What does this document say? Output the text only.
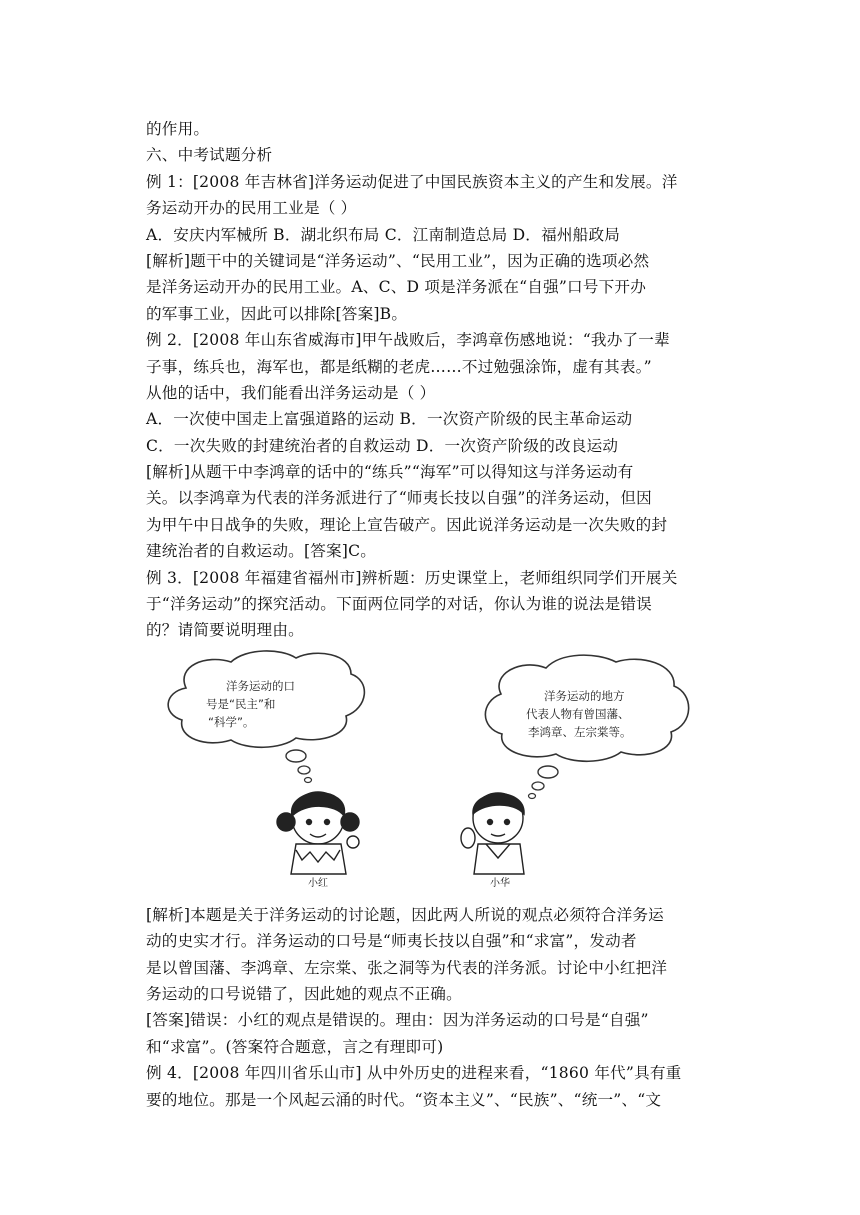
的作用。
六、中考试题分析
例 1：[2008 年吉林省]洋务运动促进了中国民族资本主义的产生和发展。洋
务运动开办的民用工业是（ ）
A．安庆内军械所 B．湖北织布局 C．江南制造总局 D．福州船政局
[解析]题干中的关键词是“洋务运动”、“民用工业”，因为正确的选项必然
是洋务运动开办的民用工业。A、C、D 项是洋务派在“自强”口号下开办
的军事工业，因此可以排除[答案]B。
例 2．[2008 年山东省威海市]甲午战败后，李鸿章伤感地说：“我办了一辈
子事，练兵也，海军也，都是纸糊的老虎……不过勉强涂饰，虚有其表。”
从他的话中，我们能看出洋务运动是（ ）
A．一次使中国走上富强道路的运动 B．一次资产阶级的民主革命运动
C．一次失败的封建统治者的自救运动 D．一次资产阶级的改良运动
[解析]从题干中李鸿章的话中的“练兵”“海军”可以得知这与洋务运动有
关。以李鸿章为代表的洋务派进行了“师夷长技以自强”的洋务运动，但因
为甲午中日战争的失败，理论上宣告破产。因此说洋务运动是一次失败的封
建统治者的自救运动。[答案]C。
例 3．[2008 年福建省福州市]辨析题：历史课堂上，老师组织同学们开展关
于“洋务运动”的探究活动。下面两位同学的对话，你认为谁的说法是错误
的？请简要说明理由。
洋务运动的口
号是“民主”和
“科学”。
洋务运动的地方
代表人物有曾国藩、
李鸿章、左宗棠等。
小红	小华
[解析]本题是关于洋务运动的讨论题，因此两人所说的观点必须符合洋务运
动的史实才行。洋务运动的口号是“师夷长技以自强”和“求富”，发动者
是以曾国藩、李鸿章、左宗棠、张之洞等为代表的洋务派。讨论中小红把洋
务运动的口号说错了，因此她的观点不正确。
[答案]错误：小红的观点是错误的。理由：因为洋务运动的口号是“自强”
和“求富”。(答案符合题意，言之有理即可)
例 4．[2008 年四川省乐山市] 从中外历史的进程来看，“1860 年代”具有重
要的地位。那是一个风起云涌的时代。“资本主义”、“民族”、“统一”、“文
